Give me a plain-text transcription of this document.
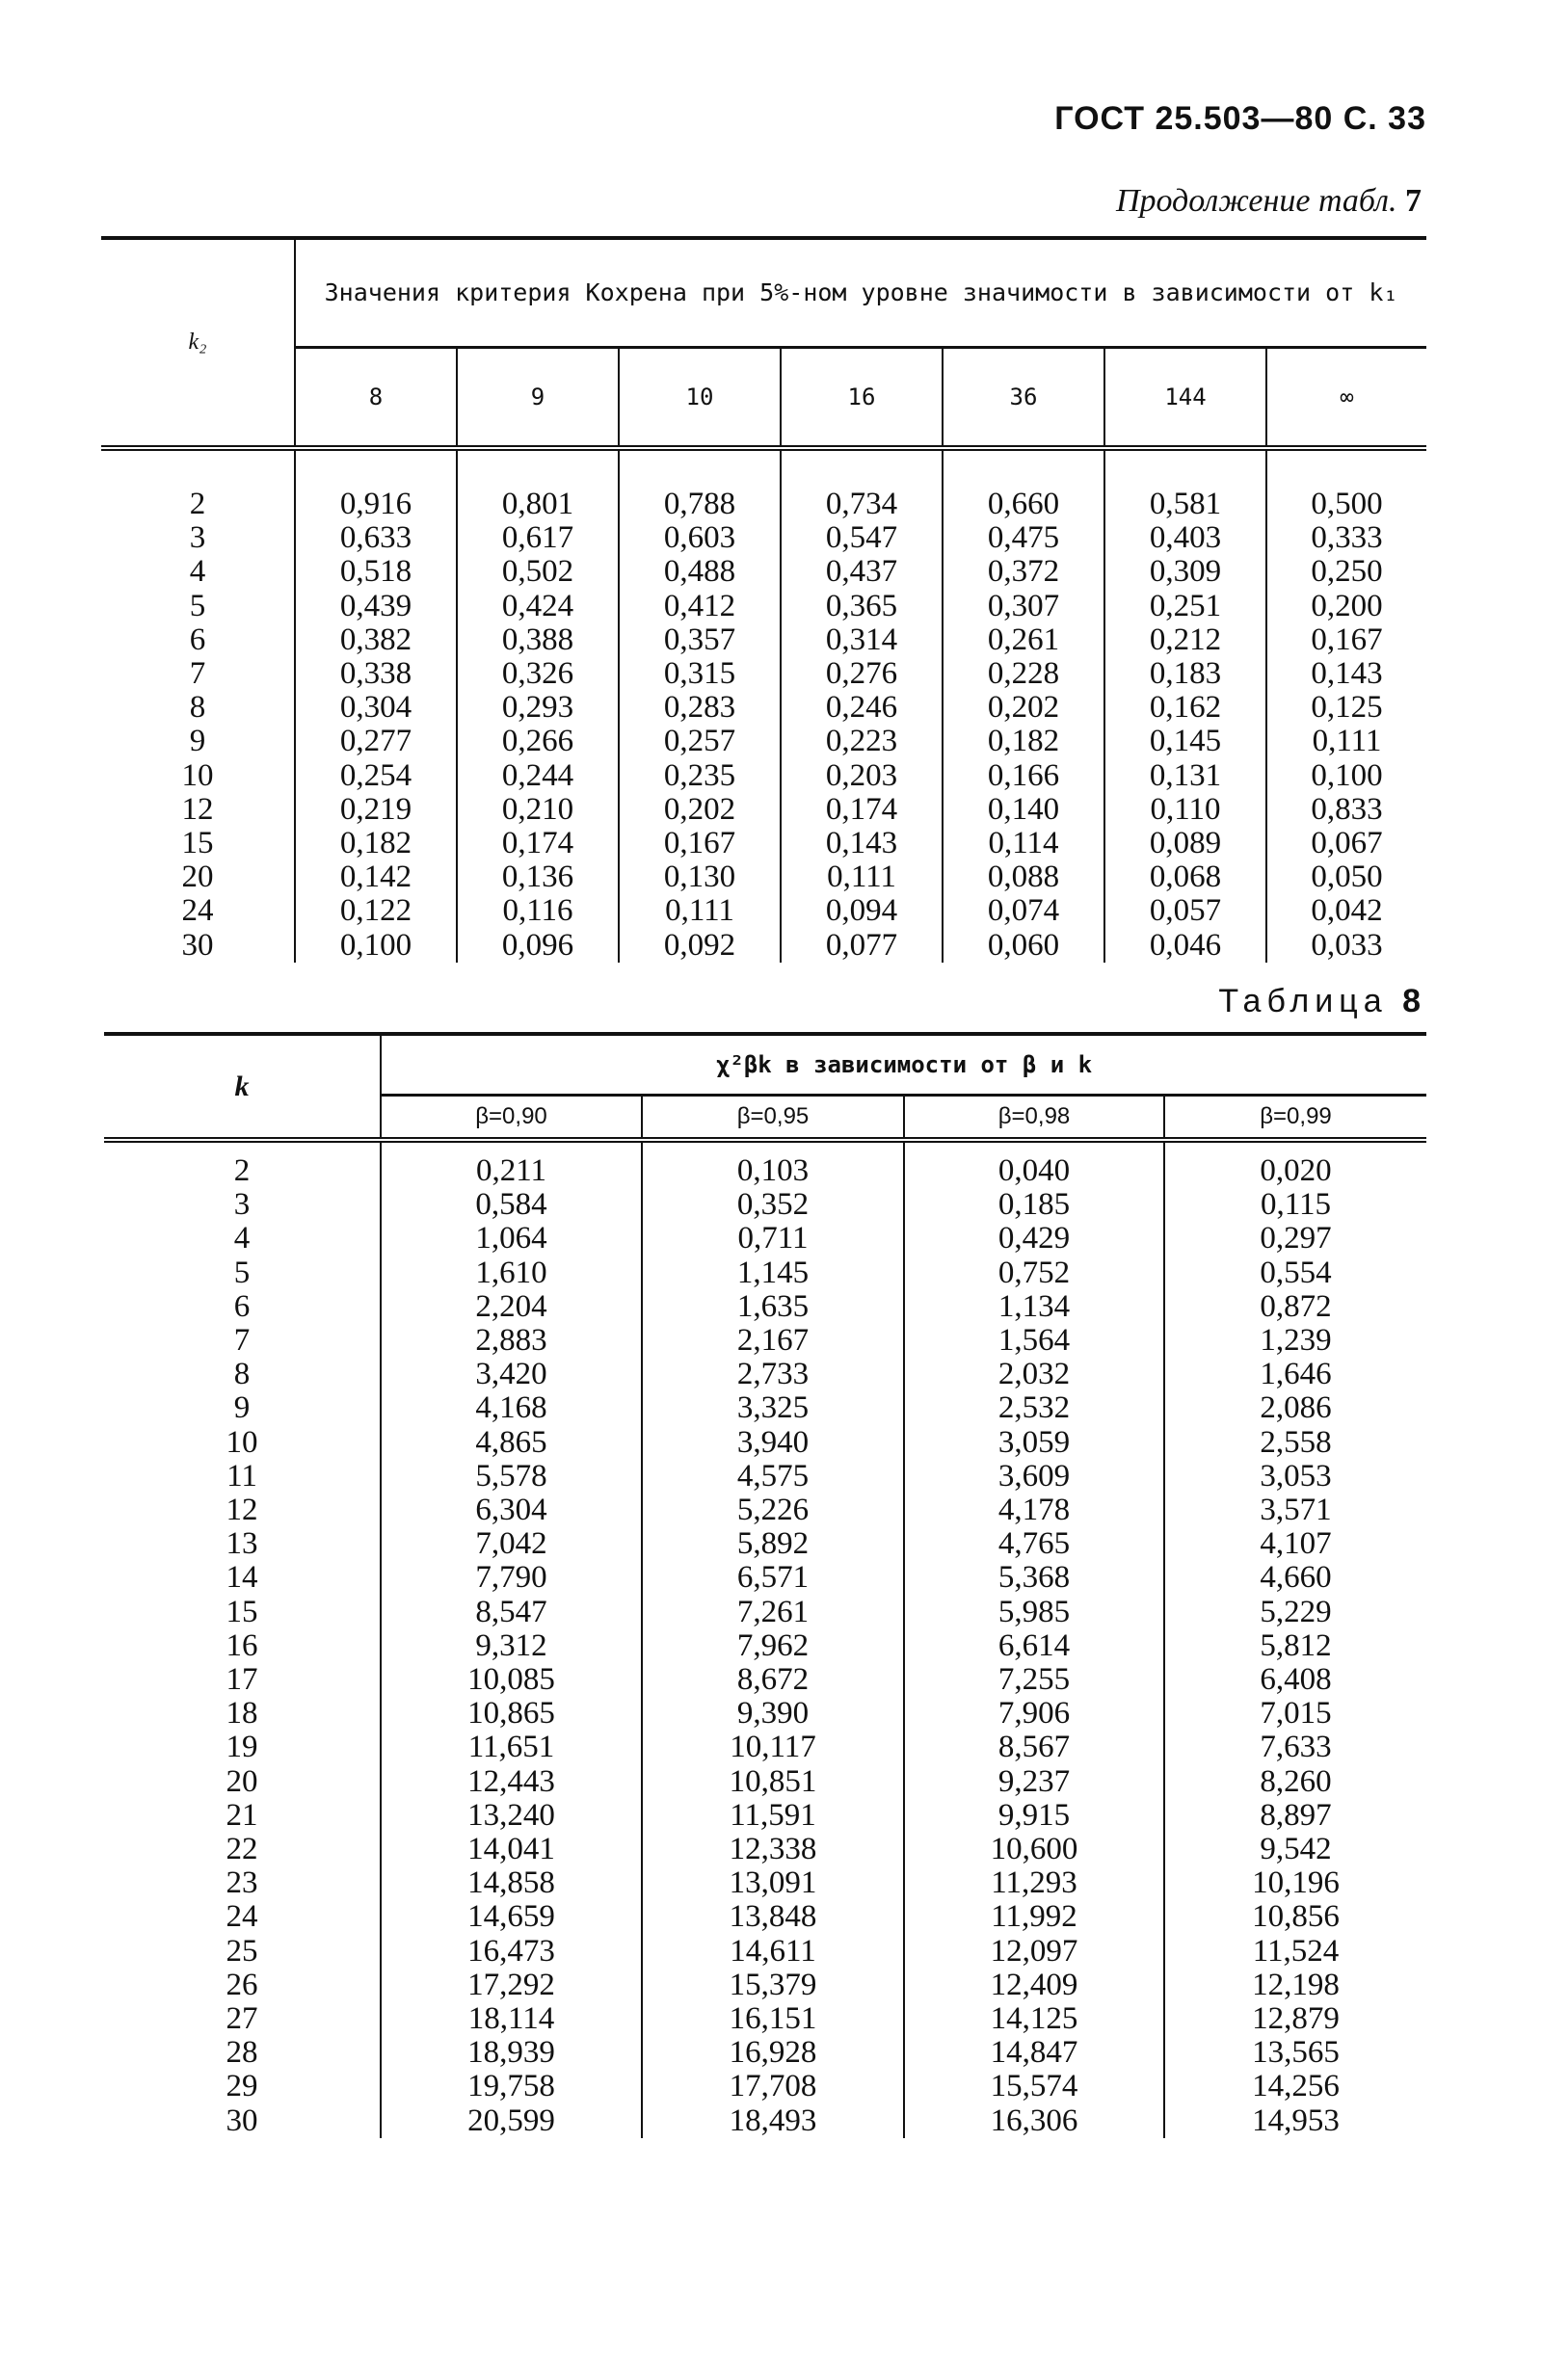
ГОСТ 25.503—80 С. 33
Продолжение табл. 7
k₂	Значения критерия Кохрена при 5%-ном уровне значимости в зависимости от k₁						
	8	9	10	16	36	144	∞
2	0,916	0,801	0,788	0,734	0,660	0,581	0,500
3	0,633	0,617	0,603	0,547	0,475	0,403	0,333
4	0,518	0,502	0,488	0,437	0,372	0,309	0,250
5	0,439	0,424	0,412	0,365	0,307	0,251	0,200
6	0,382	0,388	0,357	0,314	0,261	0,212	0,167
7	0,338	0,326	0,315	0,276	0,228	0,183	0,143
8	0,304	0,293	0,283	0,246	0,202	0,162	0,125
9	0,277	0,266	0,257	0,223	0,182	0,145	0,111
10	0,254	0,244	0,235	0,203	0,166	0,131	0,100
12	0,219	0,210	0,202	0,174	0,140	0,110	0,833
15	0,182	0,174	0,167	0,143	0,114	0,089	0,067
20	0,142	0,136	0,130	0,111	0,088	0,068	0,050
24	0,122	0,116	0,111	0,094	0,074	0,057	0,042
30	0,100	0,096	0,092	0,077	0,060	0,046	0,033
Таблица 8
k	χ²βk в зависимости от β и k			
	β=0,90	β=0,95	β=0,98	β=0,99
2	0,211	0,103	0,040	0,020
3	0,584	0,352	0,185	0,115
4	1,064	0,711	0,429	0,297
5	1,610	1,145	0,752	0,554
6	2,204	1,635	1,134	0,872
7	2,883	2,167	1,564	1,239
8	3,420	2,733	2,032	1,646
9	4,168	3,325	2,532	2,086
10	4,865	3,940	3,059	2,558
11	5,578	4,575	3,609	3,053
12	6,304	5,226	4,178	3,571
13	7,042	5,892	4,765	4,107
14	7,790	6,571	5,368	4,660
15	8,547	7,261	5,985	5,229
16	9,312	7,962	6,614	5,812
17	10,085	8,672	7,255	6,408
18	10,865	9,390	7,906	7,015
19	11,651	10,117	8,567	7,633
20	12,443	10,851	9,237	8,260
21	13,240	11,591	9,915	8,897
22	14,041	12,338	10,600	9,542
23	14,858	13,091	11,293	10,196
24	14,659	13,848	11,992	10,856
25	16,473	14,611	12,097	11,524
26	17,292	15,379	12,409	12,198
27	18,114	16,151	14,125	12,879
28	18,939	16,928	14,847	13,565
29	19,758	17,708	15,574	14,256
30	20,599	18,493	16,306	14,953
